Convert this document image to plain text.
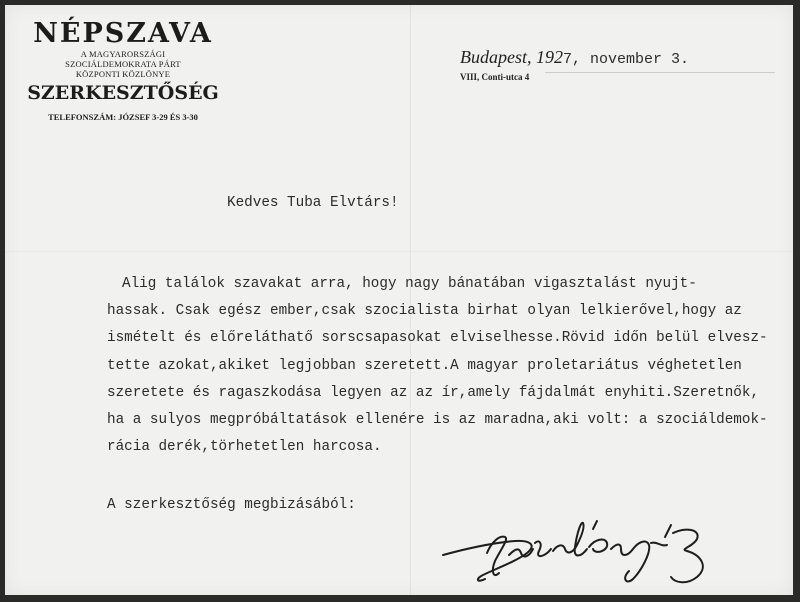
NÉPSZAVA
A MAGYARORSZÁGI
SZOCIÁLDEMOKRATA PÁRT
KÖZPONTI KÖZLÖNYE
SZERKESZTŐSÉG
TELEFONSZÁM: JÓZSEF 3-29 ÉS 3-30
Budapest, 1927, november 3.
VIII, Conti-utca 4
Kedves Tuba Elvtárs!
Alig találok szavakat arra, hogy nagy bánatában vigasztalást nyujt-
hassak. Csak egész ember,csak szocialista birhat olyan lelkierővel,hogy az
ismételt és előreláthatő sorscsapasokat elviselhesse.Rövid időn belül elvesz-
tette azokat,akiket legjobban szeretett.A magyar proletariátus véghetetlen
szeretete és ragaszkodása legyen az az ír,amely fájdalmát enyhiti.Szeretnők,
ha a sulyos megpróbáltatások ellenére is az maradna,aki volt: a szociáldemok-
rácia derék,törhetetlen harcosa.
A szerkesztőség megbizásából:
